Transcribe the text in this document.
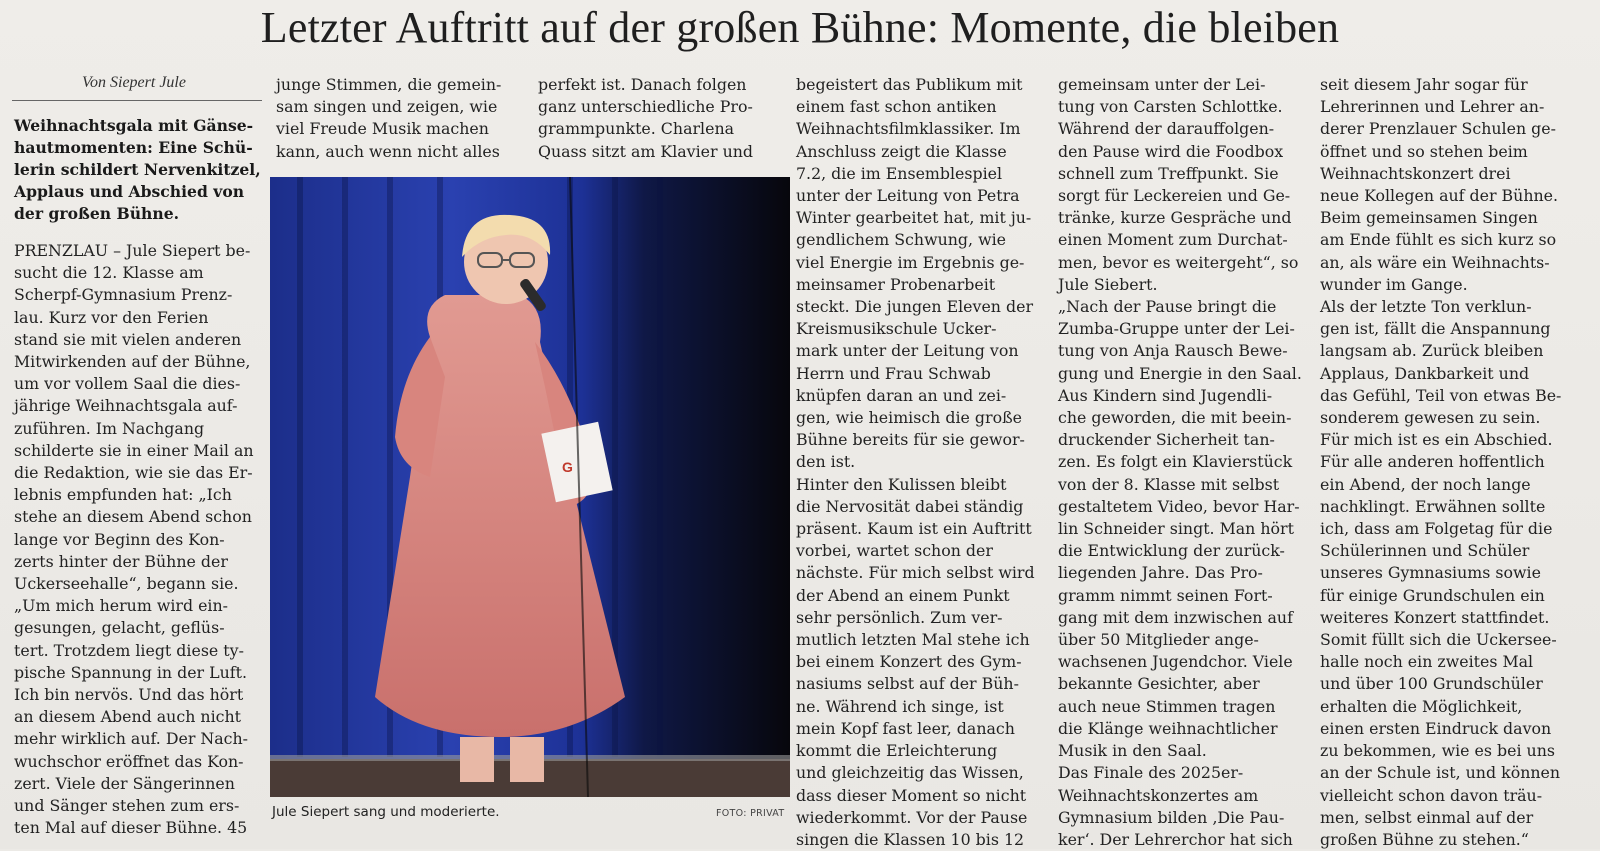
Letzter Auftritt auf der großen Bühne: Momente, die bleiben
Von Siepert Jule
Weihnachtsgala mit Gänse-
hautmomenten: Eine Schü-
lerin schildert Nervenkitzel,
Applaus und Abschied von
der großen Bühne.

PRENZLAU – Jule Siepert be-
sucht die 12. Klasse am
Scherpf-Gymnasium Prenz-
lau. Kurz vor den Ferien
stand sie mit vielen anderen
Mitwirkenden auf der Bühne,
um vor vollem Saal die dies-
jährige Weihnachtsgala auf-
zuführen. Im Nachgang
schilderte sie in einer Mail an
die Redaktion, wie sie das Er-
lebnis empfunden hat: „Ich
stehe an diesem Abend schon
lange vor Beginn des Kon-
zerts hinter der Bühne der
Uckerseehalle“, begann sie.
„Um mich herum wird ein-
gesungen, gelacht, geflüs-
tert. Trotzdem liegt diese ty-
pische Spannung in der Luft.
Ich bin nervös. Und das hört
an diesem Abend auch nicht
mehr wirklich auf. Der Nach-
wuchschor eröffnet das Kon-
zert. Viele der Sängerinnen
und Sänger stehen zum ers-
ten Mal auf dieser Bühne. 45

junge Stimmen, die gemein-
sam singen und zeigen, wie
viel Freude Musik machen
kann, auch wenn nicht alles

perfekt ist. Danach folgen
ganz unterschiedliche Pro-
grammpunkte. Charlena
Quass sitzt am Klavier und

G
Jule Siepert sang und moderierte.	FOTO: PRIVAT

begeistert das Publikum mit
einem fast schon antiken
Weihnachtsfilmklassiker. Im
Anschluss zeigt die Klasse
7.2, die im Ensemblespiel
unter der Leitung von Petra
Winter gearbeitet hat, mit ju-
gendlichem Schwung, wie
viel Energie im Ergebnis ge-
meinsamer Probenarbeit
steckt. Die jungen Eleven der
Kreismusikschule Ucker-
mark unter der Leitung von
Herrn und Frau Schwab
knüpfen daran an und zei-
gen, wie heimisch die große
Bühne bereits für sie gewor-
den ist.
Hinter den Kulissen bleibt
die Nervosität dabei ständig
präsent. Kaum ist ein Auftritt
vorbei, wartet schon der
nächste. Für mich selbst wird
der Abend an einem Punkt
sehr persönlich. Zum ver-
mutlich letzten Mal stehe ich
bei einem Konzert des Gym-
nasiums selbst auf der Büh-
ne. Während ich singe, ist
mein Kopf fast leer, danach
kommt die Erleichterung
und gleichzeitig das Wissen,
dass dieser Moment so nicht
wiederkommt. Vor der Pause
singen die Klassen 10 bis 12

gemeinsam unter der Lei-
tung von Carsten Schlottke.
Während der darauffolgen-
den Pause wird die Foodbox
schnell zum Treffpunkt. Sie
sorgt für Leckereien und Ge-
tränke, kurze Gespräche und
einen Moment zum Durchat-
men, bevor es weitergeht“, so
Jule Siebert.
„Nach der Pause bringt die
Zumba-Gruppe unter der Lei-
tung von Anja Rausch Bewe-
gung und Energie in den Saal.
Aus Kindern sind Jugendli-
che geworden, die mit beein-
druckender Sicherheit tan-
zen. Es folgt ein Klavierstück
von der 8. Klasse mit selbst
gestaltetem Video, bevor Har-
lin Schneider singt. Man hört
die Entwicklung der zurück-
liegenden Jahre. Das Pro-
gramm nimmt seinen Fort-
gang mit dem inzwischen auf
über 50 Mitglieder ange-
wachsenen Jugendchor. Viele
bekannte Gesichter, aber
auch neue Stimmen tragen
die Klänge weihnachtlicher
Musik in den Saal.
Das Finale des 2025er-
Weihnachtskonzertes am
Gymnasium bilden ‚Die Pau-
ker‘. Der Lehrerchor hat sich

seit diesem Jahr sogar für
Lehrerinnen und Lehrer an-
derer Prenzlauer Schulen ge-
öffnet und so stehen beim
Weihnachtskonzert drei
neue Kollegen auf der Bühne.
Beim gemeinsamen Singen
am Ende fühlt es sich kurz so
an, als wäre ein Weihnachts-
wunder im Gange.
Als der letzte Ton verklun-
gen ist, fällt die Anspannung
langsam ab. Zurück bleiben
Applaus, Dankbarkeit und
das Gefühl, Teil von etwas Be-
sonderem gewesen zu sein.
Für mich ist es ein Abschied.
Für alle anderen hoffentlich
ein Abend, der noch lange
nachklingt. Erwähnen sollte
ich, dass am Folgetag für die
Schülerinnen und Schüler
unseres Gymnasiums sowie
für einige Grundschulen ein
weiteres Konzert stattfindet.
Somit füllt sich die Uckersee-
halle noch ein zweites Mal
und über 100 Grundschüler
erhalten die Möglichkeit,
einen ersten Eindruck davon
zu bekommen, wie es bei uns
an der Schule ist, und können
vielleicht schon davon träu-
men, selbst einmal auf der
großen Bühne zu stehen.“
